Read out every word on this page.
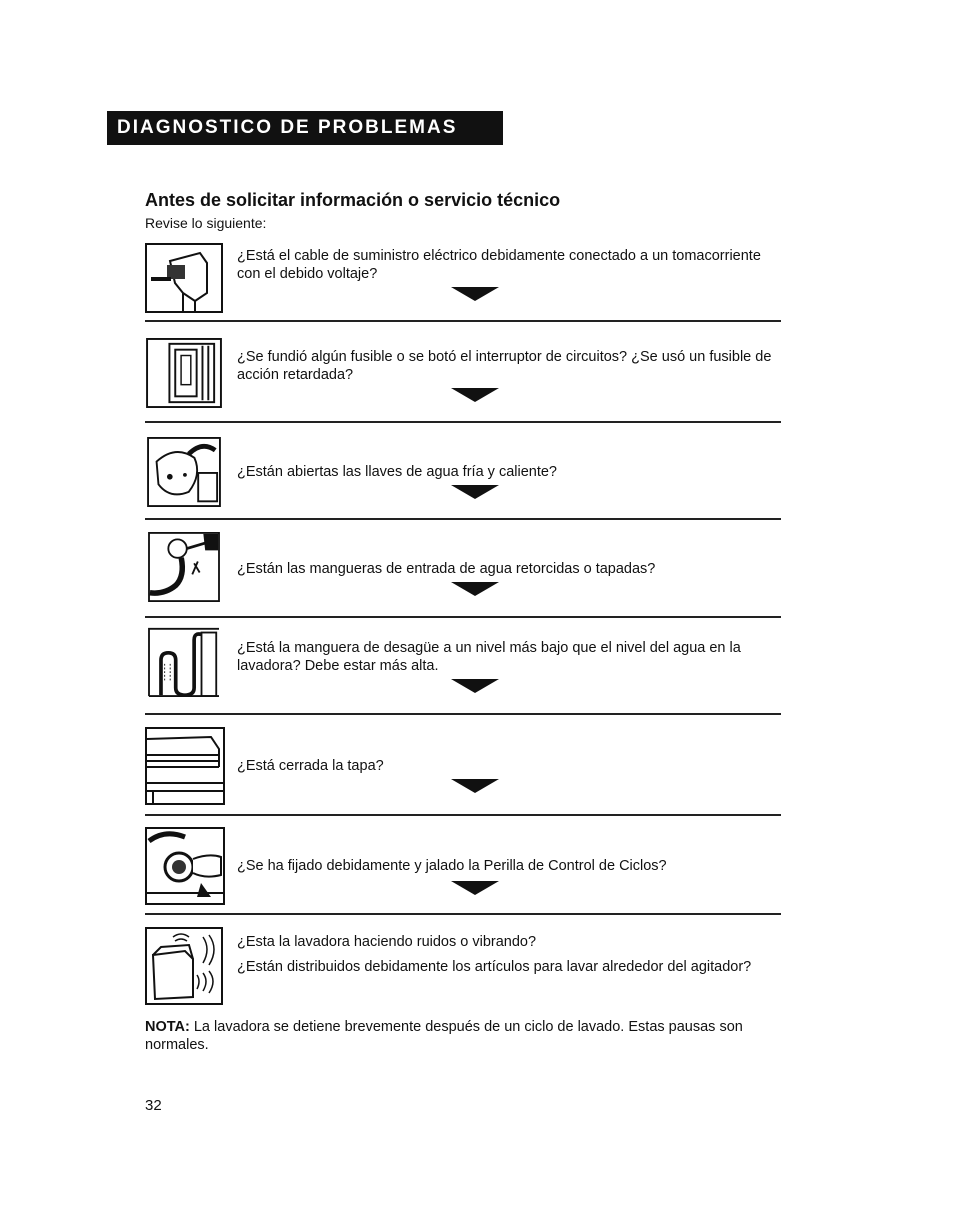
DIAGNOSTICO DE PROBLEMAS
Antes de solicitar información o servicio técnico

Revise lo siguiente:

¿Está el cable de suministro eléctrico debidamente conectado a un tomacorriente con el debido voltaje?

¿Se fundió algún fusible o se botó el interruptor de circuitos? ¿Se usó un fusible de acción retardada?

¿Están abiertas las llaves de agua fría y caliente?

¿Están las mangueras de entrada de agua retorcidas o tapadas?

¿Está la manguera de desagüe a un nivel más bajo que el nivel del agua en la lavadora? Debe estar más alta.

¿Está cerrada la tapa?

¿Se ha fijado debidamente y jalado la Perilla de Control de Ciclos?

¿Esta la lavadora haciendo ruidos o vibrando?

¿Están distribuidos debidamente los artículos para lavar alrededor del agitador?

NOTA: La lavadora se detiene brevemente después de un ciclo de lavado. Estas pausas son normales.

32
